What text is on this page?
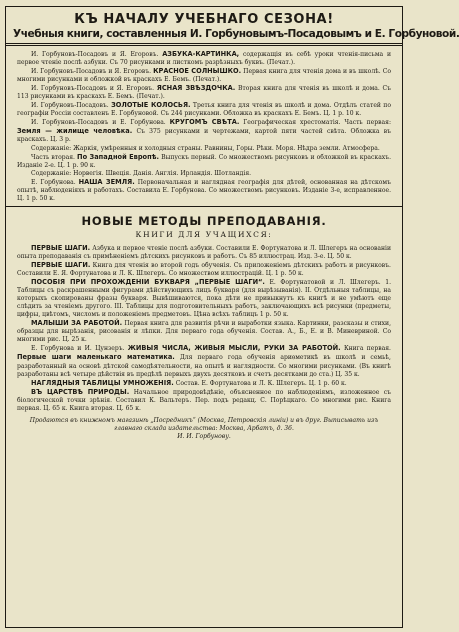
КЪ НАЧАЛУ УЧЕБНАГО СЕЗОНА!
Учебныя книги, составленныя И. Горбуновымъ-Посадовымъ и Е. Горбуновой.

И. Горбуновъ-Посадовъ и Я. Егоровъ. АЗБУКА-КАРТИНКА, содержащія въ себѣ уроки чтенія-письма и первое чтеніе послѣ азбуки. Съ 70 рисунками и листкомъ разрѣзныхъ буквъ. (Печат.).

И. Горбуновъ-Посадовъ и Я. Егоровъ. КРАСНОЕ СОЛНЫШКО. Первая книга для чтенія дома и въ школѣ. Со многими рисунками и обложкой въ краскахъ Е. Бемъ. (Печат.).

И. Горбуновъ-Посадовъ и Я. Егоровъ. ЯСНАЯ ЗВѢЗДОЧКА. Вторая книга для чтенія въ школѣ и дома. Съ 113 рисунками въ краскахъ Е. Бемъ. (Печат.).

И. Горбуновъ-Посадовъ. ЗОЛОТЫЕ КОЛОСЬЯ. Третья книга для чтенія въ школѣ и дома. Отдѣлъ статей по географіи Россіи составленъ Е. Горбуновой. Съ 244 рисунками. Обложка въ краскахъ Е. Бемъ. Ц. 1 р. 10 к.

И. Горбуновъ-Посадовъ и Е. Горбунова. КРУГОМЪ СВѢТА. Географическая хрестоматія. Часть первая: Земля — жилище человѣка. Съ 375 рисунками и чертежами, картой пяти частей свѣта. Обложка въ краскахъ. Ц. 3 р.

Содержаніе: Жаркія, умѣренныя и холодныя страны. Равнины, Горы. Рѣки. Моря. Нѣдра земли. Атмосфера.

Часть вторая. По Западной Европѣ. Выпускъ первый. Со множествомъ рисунковъ и обложкой въ краскахъ. Изданіе 2-е. Ц. 1 р. 90 к.

Содержаніе: Норвегія. Швеція. Данія. Англія. Ирландія. Шотландія.

Е. Горбунова. НАША ЗЕМЛЯ. Первоначальная и наглядная географія для дѣтей, основанная на дѣтскомъ опытѣ, наблюденіяхъ и работахъ. Составила Е. Горбунова. Со множествомъ рисунковъ. Изданіе 3-е, исправленное. Ц. 1 р. 50 к.

НОВЫЕ МЕТОДЫ ПРЕПОДАВАНІЯ.
КНИГИ ДЛЯ УЧАЩИХСЯ:

ПЕРВЫЕ ШАГИ. Азбука и первое чтеніе послѣ азбуки. Составили Е. Фортунатова и Л. Шлегеръ на основаніи опыта преподаванія съ примѣненіемъ дѣтскихъ рисунковъ и работъ. Съ 85 иллюстрац. Изд. 3-е. Ц. 50 к.

ПЕРВЫЕ ШАГИ. Книга для чтенія во второй годъ обученія. Съ приложеніемъ дѣтскихъ работъ и рисунковъ. Составили Е. Я. Фортунатова и Л. К. Шлегеръ. Со множеством иллюстрацій. Ц. 1 р. 50 к.

ПОСОБІЯ ПРИ ПРОХОЖДЕНІИ БУКВАРЯ „ПЕРВЫЕ ШАГИ“. Е. Фортунатовой и Л. Шлегеръ. 1. Таблицы съ раскрашенными фигурами дѣйствующихъ лицъ букваря (для вырѣзыванія). II. Отдѣльныя таблицы, на которыхъ скопированы фразы букваря. Вывѣшиваются, пока дѣти не привыкнутъ къ книгѣ и не умѣютъ еще слѣдить за чтеніемъ другого. III. Таблицы для подготовительныхъ работъ, заключающихъ всѣ рисунки (предметы, цифры, цвѣтомъ, числомъ и положеніемъ предметовъ. Цѣна всѣхъ таблицъ 1 р. 50 к.

МАЛЫШИ ЗА РАБОТОЙ. Первая книга для развитія рѣчи и выработки языка. Картинки, разсказы и стихи, образцы для вырѣзанія, рисованія и лѣпки. Для перваго года обученія. Состав. А., Б., Е. и В. Миневриной. Со многими рис. Ц. 25 к.

Е. Горбунова и И. Цунзеръ. ЖИВЫЯ ЧИСЛА, ЖИВЫЯ МЫСЛИ, РУКИ ЗА РАБОТОЙ. Книга первая. Первые шаги маленькаго математика. Для перваго года обученія ариѳметикѣ въ школѣ и семьѣ, разработанный на основѣ дѣтской самодѣятельности, на опытѣ и наглядности. Со многими рисунками. (Въ книгѣ разработаны всѣ четыре дѣйствія въ предѣлѣ первыхъ двухъ десятковъ и счетъ десятками до ста.) Ц. 35 к.

НАГЛЯДНЫЯ ТАБЛИЦЫ УМНОЖЕНІЯ. Состав. Е. Фортунатова и Л. К. Шлегеръ. Ц. 1 р. 60 к.

ВЪ ЦАРСТВѢ ПРИРОДЫ. Начальное природовѣдѣніе, объясненное по наблюденіямъ, изложенное съ біологической точки зрѣнія. Составил К. Вальтеръ. Пер. подъ редакц. С. Порѣцкаго. Со многими рис. Книга первая. Ц. 65 к. Книга вторая. Ц. 65 к.

Продаются въ книжномъ магазинѣ „Посредникъ“ (Москва, Петровскія линіи) и въ друг. Выписывать изъ главнаго склада издательства: Москва, Арбатъ, д. 36.
И. И. Горбунову.
